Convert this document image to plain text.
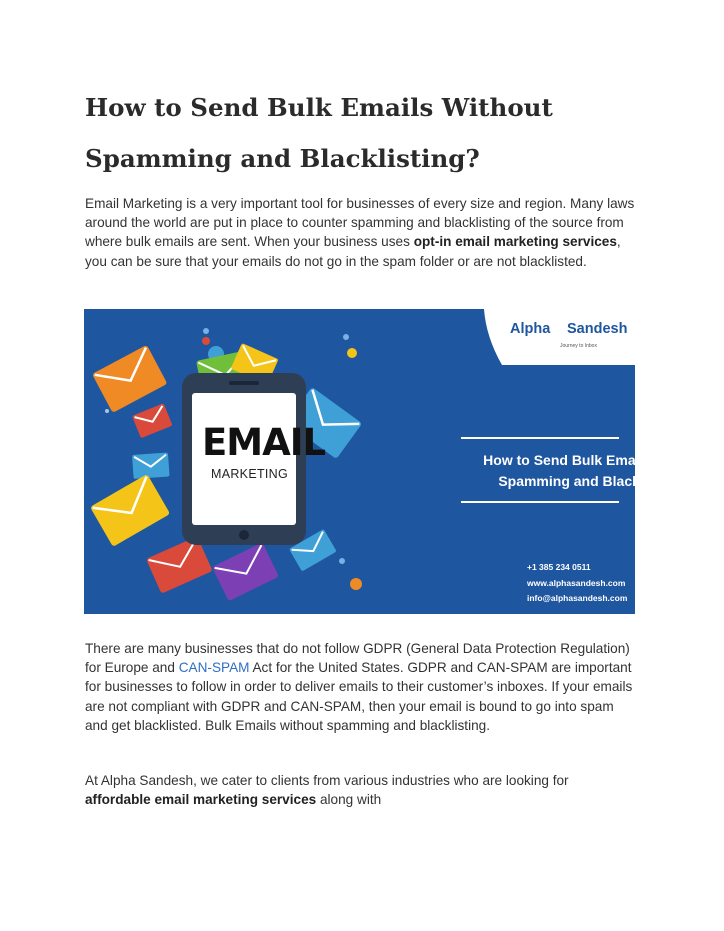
How to Send Bulk Emails Without Spamming and Blacklisting?

Email Marketing is a very important tool for businesses of every size and region. Many laws around the world are put in place to counter spamming and blacklisting of the source from where bulk emails are sent. When your business uses opt-in email marketing services, you can be sure that your emails do not go in the spam folder or are not blacklisted.

EMAIL
MARKETING
Alpha Sandesh
Journey to Inbox
How to Send Bulk Emails without
Spamming and Blacklisting?
+1 385 234 0511
www.alphasandesh.com
info@alphasandesh.com

There are many businesses that do not follow GDPR (General Data Protection Regulation) for Europe and CAN-SPAM Act for the United States. GDPR and CAN-SPAM are important for businesses to follow in order to deliver emails to their customer’s inboxes. If your emails are not compliant with GDPR and CAN-SPAM, then your email is bound to go into spam and get blacklisted. Bulk Emails without spamming and blacklisting.

At Alpha Sandesh, we cater to clients from various industries who are looking for affordable email marketing services along with
